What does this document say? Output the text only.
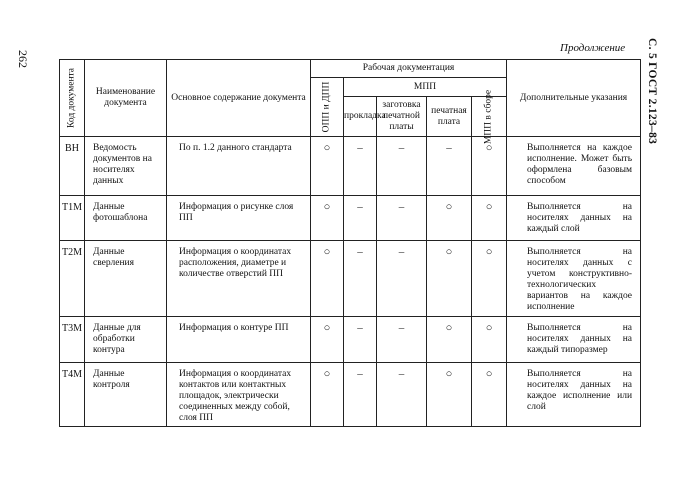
262
Продолжение С. 5 ГОСТ 2.123–83
Код документа	Наименование документа	Основное содержание документа	Рабочая документация					Дополнительные указания

			ОПП и ДПП	МПП				
				прокладка	заготовка печатной платы	печатная плата	МПП в сборе	

ВН	Ведомость документов на носителях данных	По п. 1.2 данного стандарта	○	–	–	–	○	Выполняется на каждое исполнение. Может быть оформлена базовым способом
Т1М	Данные фотошаблона	Информация о рисунке слоя ПП	○	–	–	○	○	Выполняется на носителях данных на каждый слой
Т2М	Данные сверления	Информация о координатах расположения, диаметре и количестве отверстий ПП	○	–	–	○	○	Выполняется на носителях данных с учетом конструктивно-технологических вариантов на каждое исполнение
Т3М	Данные для обработки контура	Информация о контуре ПП	○	–	–	○	○	Выполняется на носителях данных на каждый типоразмер
Т4М	Данные контроля	Информация о координатах контактов или контактных площадок, электрически соединенных между собой, слоя ПП	○	–	–	○	○	Выполняется на носителях данных на каждое исполнение или слой
